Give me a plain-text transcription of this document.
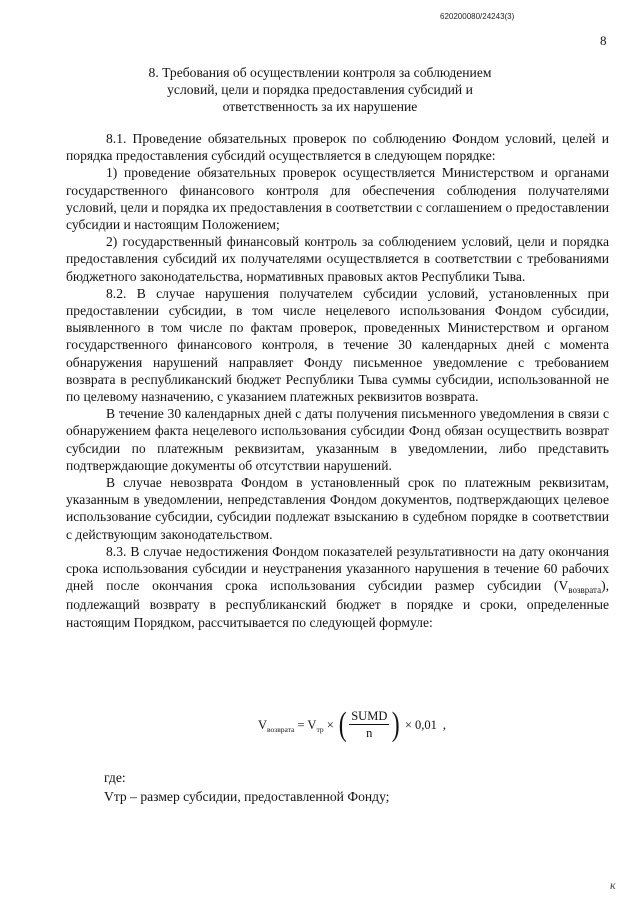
620200080/24243(3)
8
8. Требования об осуществлении контроля за соблюдением
условий, цели и порядка предоставления субсидий и
ответственность за их нарушение

8.1. Проведение обязательных проверок по соблюдению Фондом условий, целей и порядка предоставления субсидий осуществляется в следующем порядке:

1) проведение обязательных проверок осуществляется Министерством и органами государственного финансового контроля для обеспечения соблюдения получателями условий, цели и порядка их предоставления в соответствии с соглашением о предоставлении субсидии и настоящим Положением;

2) государственный финансовый контроль за соблюдением условий, цели и порядка предоставления субсидий их получателями осуществляется в соответствии с требованиями бюджетного законодательства, нормативных правовых актов Республики Тыва.

8.2. В случае нарушения получателем субсидии условий, установленных при предоставлении субсидии, в том числе нецелевого использования Фондом субсидии, выявленного в том числе по фактам проверок, проведенных Министерством и органом государственного финансового контроля, в течение 30 календарных дней с момента обнаружения нарушений направляет Фонду письменное уведомление с требованием возврата в республиканский бюджет Республики Тыва суммы субсидии, использованной не по целевому назначению, с указанием платежных реквизитов возврата.

В течение 30 календарных дней с даты получения письменного уведомления в связи с обнаружением факта нецелевого использования субсидии Фонд обязан осуществить возврат субсидии по платежным реквизитам, указанным в уведомлении, либо представить подтверждающие документы об отсутствии нарушений.

В случае невозврата Фондом в установленный срок по платежным реквизитам, указанным в уведомлении, непредставления Фондом документов, подтверждающих целевое использование субсидии, субсидии подлежат взысканию в судебном порядке в соответствии с действующим законодательством.

8.3. В случае недостижения Фондом показателей результативности на дату окончания срока использования субсидии и неустранения указанного нарушения в течение 60 рабочих дней после окончания срока использования субсидии размер субсидии $(V_{возврата})$, подлежащий возврату в республиканский бюджет в порядке и сроки, определенные настоящим Порядком, рассчитывается по следующей формуле:

V возврата = V тр × ( $\frac{\text{SUMD}}{n}$ ) × 0,01 ,
где:
Vтр – размер субсидии, предоставленной Фонду;
к
